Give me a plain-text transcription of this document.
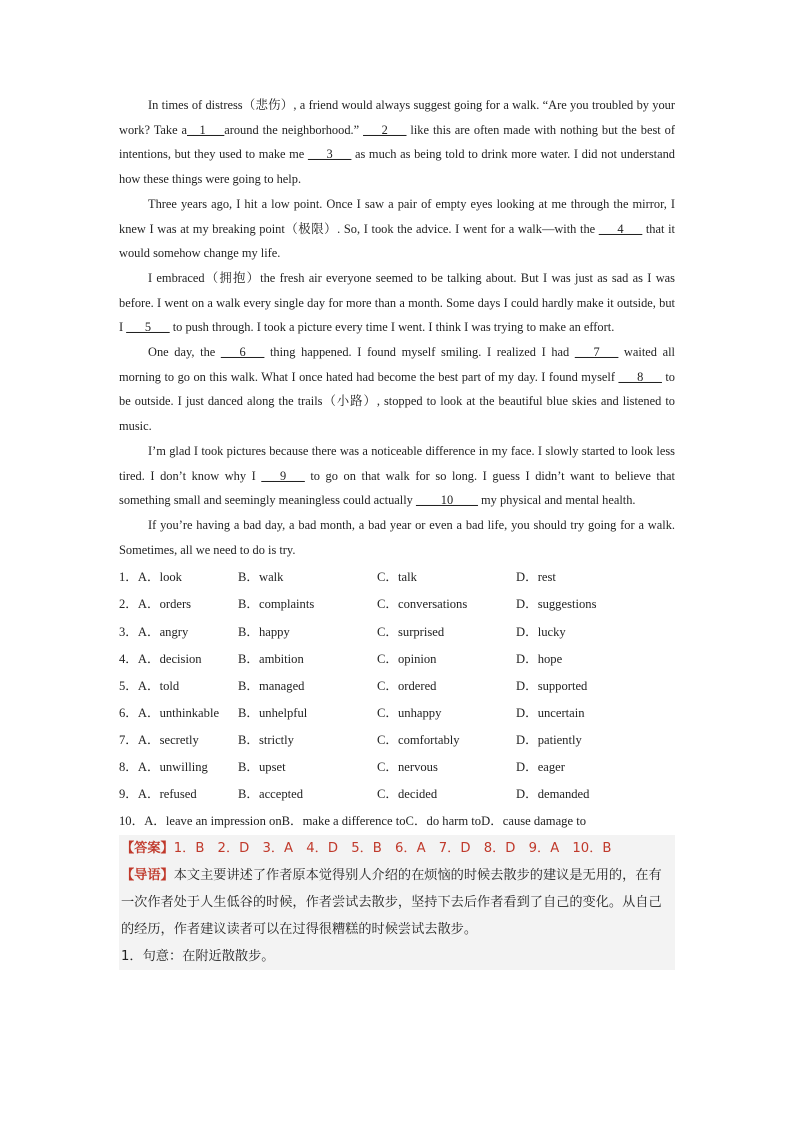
In times of distress（悲伤）, a friend would always suggest going for a walk. “Are you troubled by your work? Take a__1___around the neighborhood.” ___2___ like this are often made with nothing but the best of intentions, but they used to make me ___3___ as much as being told to drink more water. I did not understand how these things were going to help.

Three years ago, I hit a low point. Once I saw a pair of empty eyes looking at me through the mirror, I knew I was at my breaking point（极限）. So, I took the advice. I went for a walk—with the ___4___ that it would somehow change my life.

I embraced（拥抱）the fresh air everyone seemed to be talking about. But I was just as sad as I was before. I went on a walk every single day for more than a month. Some days I could hardly make it outside, but I ___5___ to push through. I took a picture every time I went. I think I was trying to make an effort.

One day, the ___6___ thing happened. I found myself smiling. I realized I had ___7___ waited all morning to go on this walk. What I once hated had become the best part of my day. I found myself ___8___ to be outside. I just danced along the trails（小路）, stopped to look at the beautiful blue skies and listened to music.

I’m glad I took pictures because there was a noticeable difference in my face. I slowly started to look less tired. I don’t know why I ___9___ to go on that walk for so long. I guess I didn’t want to believe that something small and seemingly meaningless could actually ____10____ my physical and mental health.

If you’re having a bad day, a bad month, a bad year or even a bad life, you should try going for a walk. Sometimes, all we need to do is try.

1．A．look	B．walk	C．talk	D．rest
2．A．orders	B．complaints	C．conversations	D．suggestions
3．A．angry	B．happy	C．surprised	D．lucky
4．A．decision	B．ambition	C．opinion	D．hope
5．A．told	B．managed	C．ordered	D．supported
6．A．unthinkable	B．unhelpful	C．unhappy	D．uncertain
7．A．secretly	B．strictly	C．comfortably	D．patiently
8．A．unwilling	B．upset	C．nervous	D．eager
9．A．refused	B．accepted	C．decided	D．demanded
10．A．leave an impression on B．make a difference to C．do harm to D．cause damage to

【答案】1．B　2．D　3．A　4．D　5．B　6．A　7．D　8．D　9．A　10．B

【导语】本文主要讲述了作者原本觉得别人介绍的在烦恼的时候去散步的建议是无用的，在有一次作者处于人生低谷的时候，作者尝试去散步，坚持下去后作者看到了自己的变化。从自己的经历，作者建议读者可以在过得很糟糕的时候尝试去散步。

1．句意：在附近散散步。
